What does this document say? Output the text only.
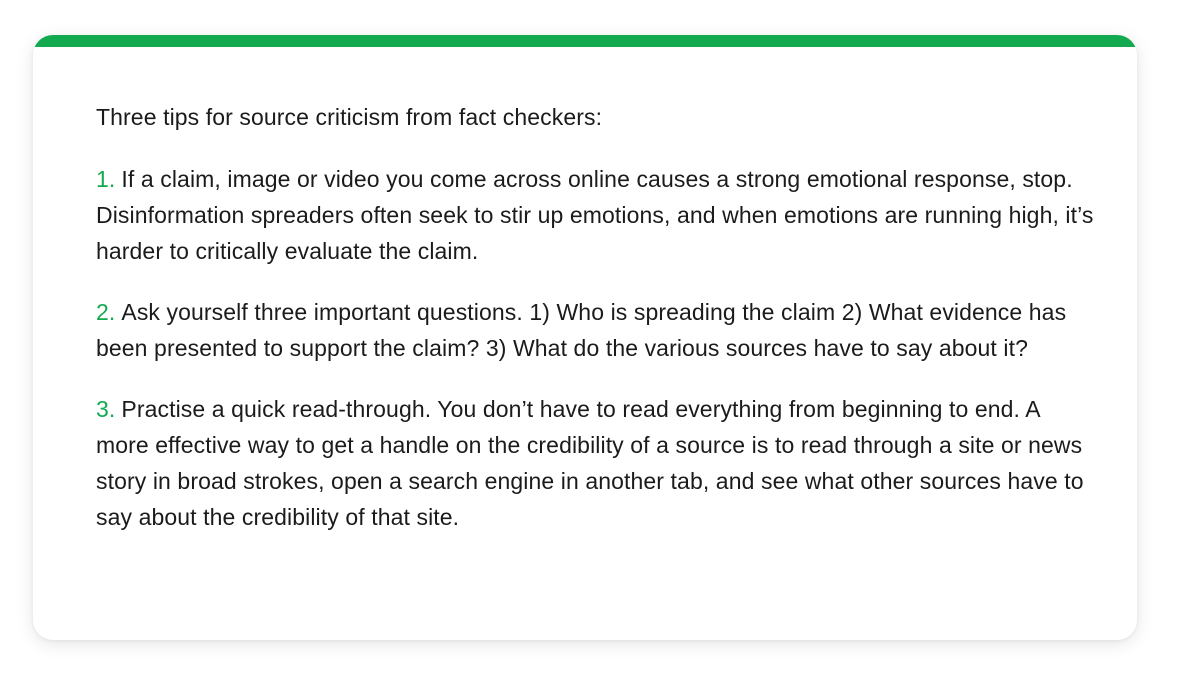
Three tips for source criticism from fact checkers:

1. If a claim, image or video you come across online causes a strong emotional response, stop. Disinformation spreaders often seek to stir up emotions, and when emotions are running high, it’s harder to critically evaluate the claim.

2. Ask yourself three important questions. 1) Who is spreading the claim 2) What evidence has been presented to support the claim? 3) What do the various sources have to say about it?

3. Practise a quick read-through. You don’t have to read everything from beginning to end. A more effective way to get a handle on the credibility of a source is to read through a site or news story in broad strokes, open a search engine in another tab, and see what other sources have to say about the credibility of that site.
